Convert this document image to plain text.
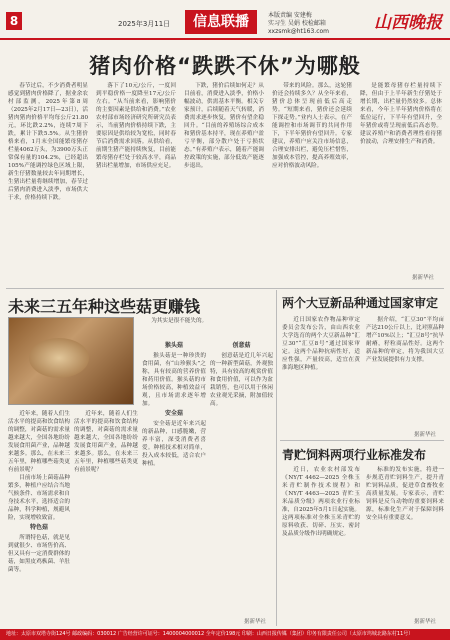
8	2025年3月11日	信息联播	本版责编 安建梅
实习生 吴娟 校检邮箱 xxzsmk@ht163.com	山西晚报
猪肉价格“跌跌不休”为哪般

春节过后，不少消费者明显感觉到猪肉价格降了，据业余农村部监测，2025年第8周（2025年2月17日—23日），活猪肉猪肉价格平均每公斤21.80元，环比跌2.2%，连续7周下跌，累计下跌5.5%。从生猪价格来看，1月末全国能繁母猪存栏量4062万头，为3900万头正常保有量的104.2%，已经超出105%产能调控绿色区域上限，新生仔猪数量较去年同期增长，生猪出栏量将继续增加，春节过后猪肉消费进入淡季，市场供大于求，价格持续下跌。

落下了10元/公斤，一度回到平稳价格一度降至17元/公斤左右。“从当前来看，影响猪价的主要因素是供给和消费。”农业农村部市场经济研究所研究员表示，当前猪肉价格持续下跌，主要原因是供给较为宽松，同时春节后消费需求回落。从供给看，前期生猪产能持续恢复，目前能繁母猪存栏处于较高水平，商品猪出栏量增加，市场供应充足。

下跌，猪价后续如何走？从目前看，消费进入淡季，价格小幅波动，供需基本平衡。相关专家预计，后续随着天气转暖，消费需求逐步恢复，猪价有望企稳回升。“目前的养殖场综合成本和猪价基本持平，现在养殖户盈亏平衡，部分散户处于亏损状态。”有养殖户表示，随着产能调控政策的实施，部分低效产能逐步退出。

带来的风险。那么，这轮猪价还会持续多久？从全年来看，猪价总体呈现前低后高走势。“短期来看，猪价还会延续下探走势。”业内人士表示，在产能调控和市场调节的共同作用下，下半年猪价有望回升。专家建议，养殖户应关注市场信息，合理安排出栏，避免压栏惜售，加强成本管控，提高养殖效率，应对价格波动风险。

是能繁母猪存栏量持续下降，但由于上半年新生仔猪处于增长期，出栏量仍然较多。总体来看，今年上半年猪肉价格将在低位运行，下半年有望回升，全年猪价或将呈现前低后高态势。建议养殖户和消费者理性看待猪价波动，合理安排生产和消费。

据新华社
未来三五年种这些菇更赚钱

为其实是很不能失的。

近年来，随着人们生活水平的提高和饮食结构的调整，对菌菇的需求量越来越大，全国各地纷纷发展食用菌产业，品种越来越多。那么，在未来三五年里，种植哪些菇类更有前景呢？

目前市场上菌菇品种繁多，种植户应结合当地气候条件、市场需求和自身技术水平，选择适合的品种，科学种植，规避风险，实现增收致富。

特色菇

所谓特色菇，就是见到就很少、市场售价高、但又具有一定消费群体的菇，如黑皮鸡枞菌、羊肚菌等。

近年来，随着人们生活水平的提高和饮食结构的调整，对菌菇的需求量越来越大，全国各地纷纷发展食用菌产业，品种越来越多。那么，在未来三五年里，种植哪些菇类更有前景呢？

猴头菇

猴头菇是一种珍贵的食用菌，有“山珍猴头”之称，具有较高的营养价值和药用价值。猴头菇的市场价格较高，种植效益可观，且市场需求逐年增加。

安全菇

安全菇是近年来兴起的新品种，口感脆嫩，营养丰富，深受消费者喜爱。种植技术相对简单，投入成本较低，适合农户种植。

创意菇

创意菇是近几年兴起的一种新型菌菇，外观独特，具有较高的观赏价值和食用价值，可以作为盆栽销售，也可以用于休闲农业观光采摘，附加值较高。

据新华社
两个大豆新品种通过国家审定

近日国家农作物品种审定委员会发布公告，由山西农业大学选育的两个大豆新品种“汇豆30”“汇豆8号”通过国家审定。这两个品种抗病性好，适应性强，产量较高，适宜在黄淮海地区种植。

据介绍，“汇豆30”平均亩产达210公斤以上，比对照品种增产10%以上；“汇豆8号”抗旱耐瘠，籽粒商品性好。这两个新品种的审定，将为我国大豆产业发展提供有力支撑。

据新华社
青贮饲料两项行业标准发布

近日，农业农村部发布《NY/T 4462—2025 全株玉米青贮制作技术规程》和《NY/T 4463—2025 青贮玉米品质分级》两项农业行业标准，自2025年5月1日起实施。这两项标准对全株玉米青贮的原料收获、切碎、压实、密封及品质分级作出明确规定。

标准的发布实施，将进一步规范青贮饲料生产，提升青贮饲料品质，促进草食畜牧业高质量发展。专家表示，青贮饲料是反刍动物的重要饲料来源，标准化生产对于保障饲料安全具有重要意义。

据新华社
地址：太原市双塔寺街124号 邮政编码：030012 广告经营许可证号：1400004000012 全年定价198元 印刷：山西日报传媒（集团）印务有限责任公司（太原市坞城北路东村11号）
